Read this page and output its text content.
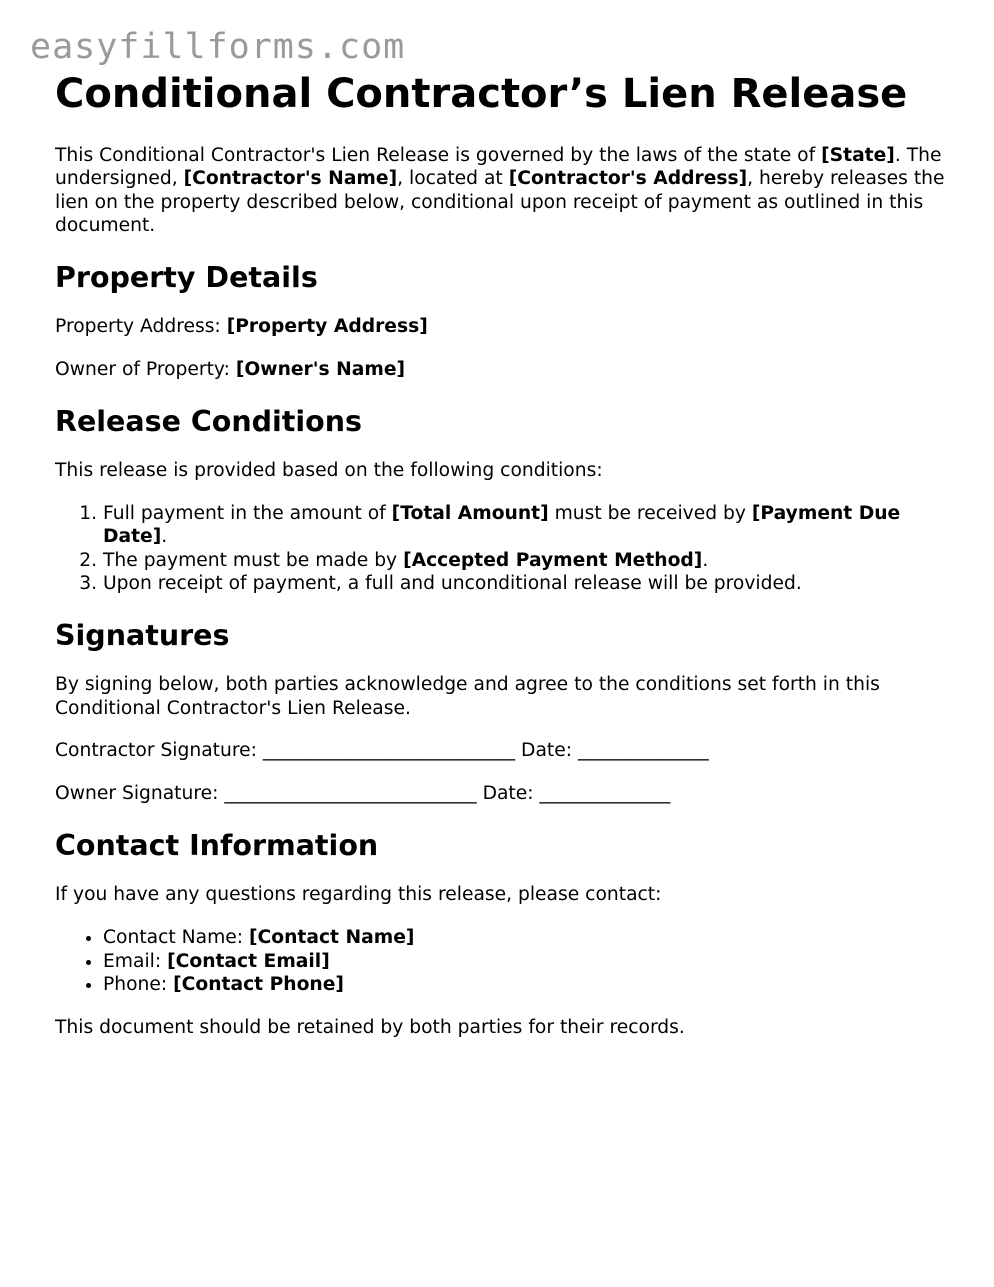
easyfillforms.com
Conditional Contractor’s Lien Release

This Conditional Contractor's Lien Release is governed by the laws of the state of [State]. The undersigned, [Contractor's Name], located at [Contractor's Address], hereby releases the lien on the property described below, conditional upon receipt of payment as outlined in this document.

Property Details

Property Address: [Property Address]

Owner of Property: [Owner's Name]

Release Conditions

This release is provided based on the following conditions:

1. Full payment in the amount of [Total Amount] must be received by [Payment Due Date].
2. The payment must be made by [Accepted Payment Method].
3. Upon receipt of payment, a full and unconditional release will be provided.
Signatures

By signing below, both parties acknowledge and agree to the conditions set forth in this Conditional Contractor's Lien Release.

Contractor Signature: ___________________________ Date: ______________

Owner Signature: ___________________________ Date: ______________

Contact Information

If you have any questions regarding this release, please contact:

• Contact Name: [Contact Name]
• Email: [Contact Email]
• Phone: [Contact Phone]

This document should be retained by both parties for their records.
